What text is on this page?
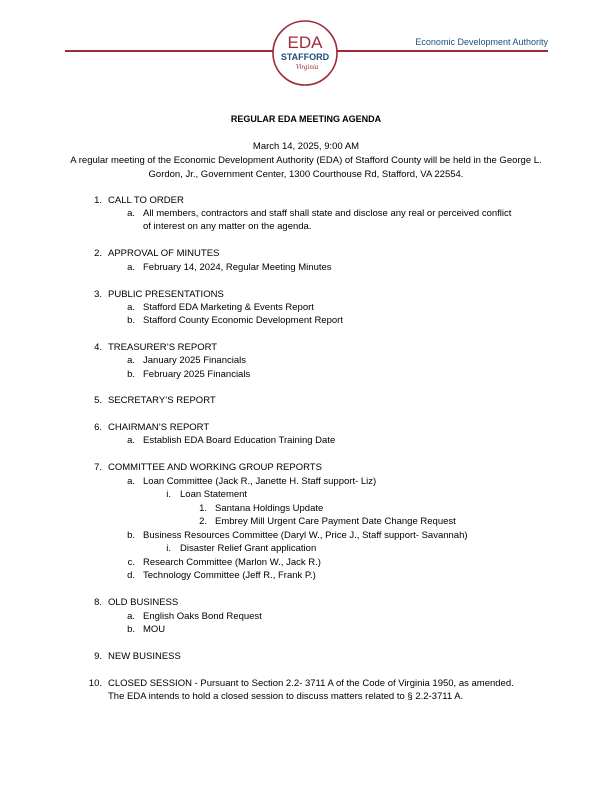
Economic Development Authority
EDA
STAFFORD
Virginia
REGULAR EDA MEETING AGENDA
March 14, 2025, 9:00 AM
A regular meeting of the Economic Development Authority (EDA) of Stafford County will be held in the George L. Gordon, Jr., Government Center, 1300 Courthouse Rd, Stafford, VA 22554.
1. CALL TO ORDER
a. All members, contractors and staff shall state and disclose any real or perceived conflict
of interest on any matter on the agenda.
2. APPROVAL OF MINUTES
a. February 14, 2024, Regular Meeting Minutes
3. PUBLIC PRESENTATIONS
a. Stafford EDA Marketing & Events Report
b. Stafford County Economic Development Report
4. TREASURER’S REPORT
a. January 2025 Financials
b. February 2025 Financials
5. SECRETARY’S REPORT
6. CHAIRMAN’S REPORT
a. Establish EDA Board Education Training Date
7. COMMITTEE AND WORKING GROUP REPORTS
a. Loan Committee (Jack R., Janette H. Staff support- Liz)
i. Loan Statement
1. Santana Holdings Update
2. Embrey Mill Urgent Care Payment Date Change Request
b. Business Resources Committee (Daryl W., Price J., Staff support- Savannah)
i. Disaster Relief Grant application
c. Research Committee (Marlon W., Jack R.)
d. Technology Committee (Jeff R., Frank P.)
8. OLD BUSINESS
a. English Oaks Bond Request
b. MOU
9. NEW BUSINESS
10. CLOSED SESSION - Pursuant to Section 2.2- 3711 A of the Code of Virginia 1950, as amended.
The EDA intends to hold a closed session to discuss matters related to § 2.2-3711 A.
